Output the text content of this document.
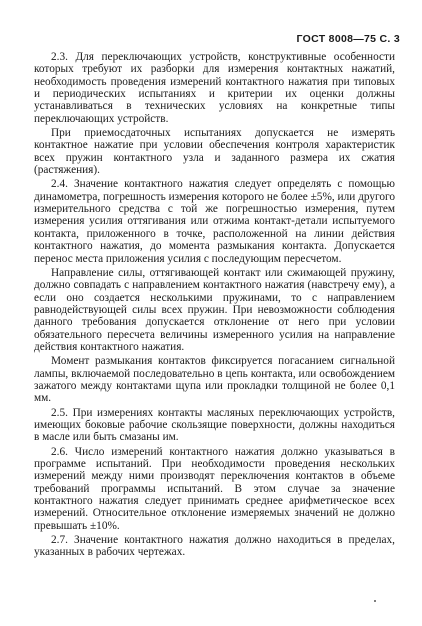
ГОСТ 8008—75 С. 3

2.3. Для переключающих устройств, конструктивные особенности которых требуют их разборки для измерения контактных нажатий, необходимость проведения измерений контактного нажатия при типовых и периодических испытаниях и критерии их оценки должны устанавливаться в технических условиях на конкретные типы переключающих устройств.

При приемосдаточных испытаниях допускается не измерять контактное нажатие при условии обеспечения контроля характеристик всех пружин контактного узла и заданного размера их сжатия (растяжения).

2.4. Значение контактного нажатия следует определять с помощью динамометра, погрешность измерения которого не более ±5%, или другого измерительного средства с той же погрешностью измерения, путем измерения усилия оттягивания или отжима контакт-детали испытуемого контакта, приложенного в точке, расположенной на линии действия контактного нажатия, до момента размыкания контакта. Допускается перенос места приложения усилия с последующим пересчетом.

Направление силы, оттягивающей контакт или сжимающей пружину, должно совпадать с направлением контактного нажатия (навстречу ему), а если оно создается несколькими пружинами, то с направлением равнодействующей силы всех пружин. При невозможности соблюдения данного требования допускается отклонение от него при условии обязательного пересчета величины измеренного усилия на направление действия контактного нажатия.

Момент размыкания контактов фиксируется погасанием сигнальной лампы, включаемой последовательно в цепь контакта, или освобождением зажатого между контактами щупа или прокладки толщиной не более 0,1 мм.

2.5. При измерениях контакты масляных переключающих устройств, имеющих боковые рабочие скользящие поверхности, должны находиться в масле или быть смазаны им.

2.6. Число измерений контактного нажатия должно указываться в программе испытаний. При необходимости проведения нескольких измерений между ними производят переключения контактов в объеме требований программы испытаний. В этом случае за значение контактного нажатия следует принимать среднее арифметическое всех измерений. Относительное отклонение измеряемых значений не должно превышать ±10%.

2.7. Значение контактного нажатия должно находиться в пределах, указанных в рабочих чертежах.
